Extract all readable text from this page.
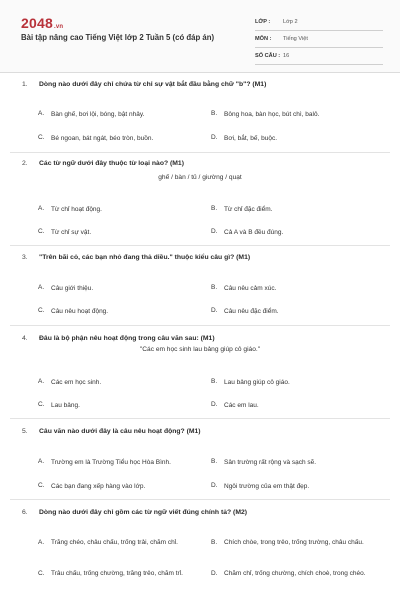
2048.vn
Bài tập nâng cao Tiếng Việt lớp 2 Tuần 5 (có đáp án)
LỚP :	Lớp 2
MÔN :	Tiếng Việt
SỐ CÂU : 16
1. Dòng nào dưới đây chỉ chứa từ chỉ sự vật bắt đầu bằng chữ "b"? (M1)
A.	Bàn ghế, bơi lội, bóng, bật nhảy.	B.	Bông hoa, bàn học, bút chì, balô.
C.	Bé ngoan, bát ngát, béo tròn, buồn.	D.	Bơi, bắt, bế, buộc.
2. Các từ ngữ dưới đây thuộc từ loại nào? (M1)
ghế / bàn / tủ / giường / quạt
A.	Từ chỉ hoạt động.	B.	Từ chỉ đặc điểm.
C.	Từ chỉ sự vật.	D.	Cả A và B đều đúng.
3. "Trên bãi cỏ, các bạn nhỏ đang thả diều." thuộc kiểu câu gì? (M1)
A.	Câu giới thiệu.	B.	Câu nêu cảm xúc.
C.	Câu nêu hoạt động.	D.	Câu nêu đặc điểm.
4. Đâu là bộ phận nêu hoạt động trong câu văn sau: (M1)
"Các em học sinh lau bảng giúp cô giáo."
A.	Các em học sinh.	B.	Lau bảng giúp cô giáo.
C.	Lau bảng.	D.	Các em lau.
5. Câu văn nào dưới đây là câu nêu hoạt động? (M1)
A.	Trường em là Trường Tiểu học Hòa Bình.	B.	Sân trường rất rộng và sạch sẽ.
C.	Các bạn đang xếp hàng vào lớp.	D.	Ngôi trường của em thật đẹp.
6. Dòng nào dưới đây chỉ gồm các từ ngữ viết đúng chính tả? (M2)
A.	Trăng chéo, châu chấu, trống trải, chăm chỉ.	B.	Chích chòe, trong trẻo, trống trường, châu chấu.
C.	Trâu chấu, trống chường, trăng trẻo, chăm trỉ.	D.	Chăm chỉ, trống chường, chích choè, trong chéo.
